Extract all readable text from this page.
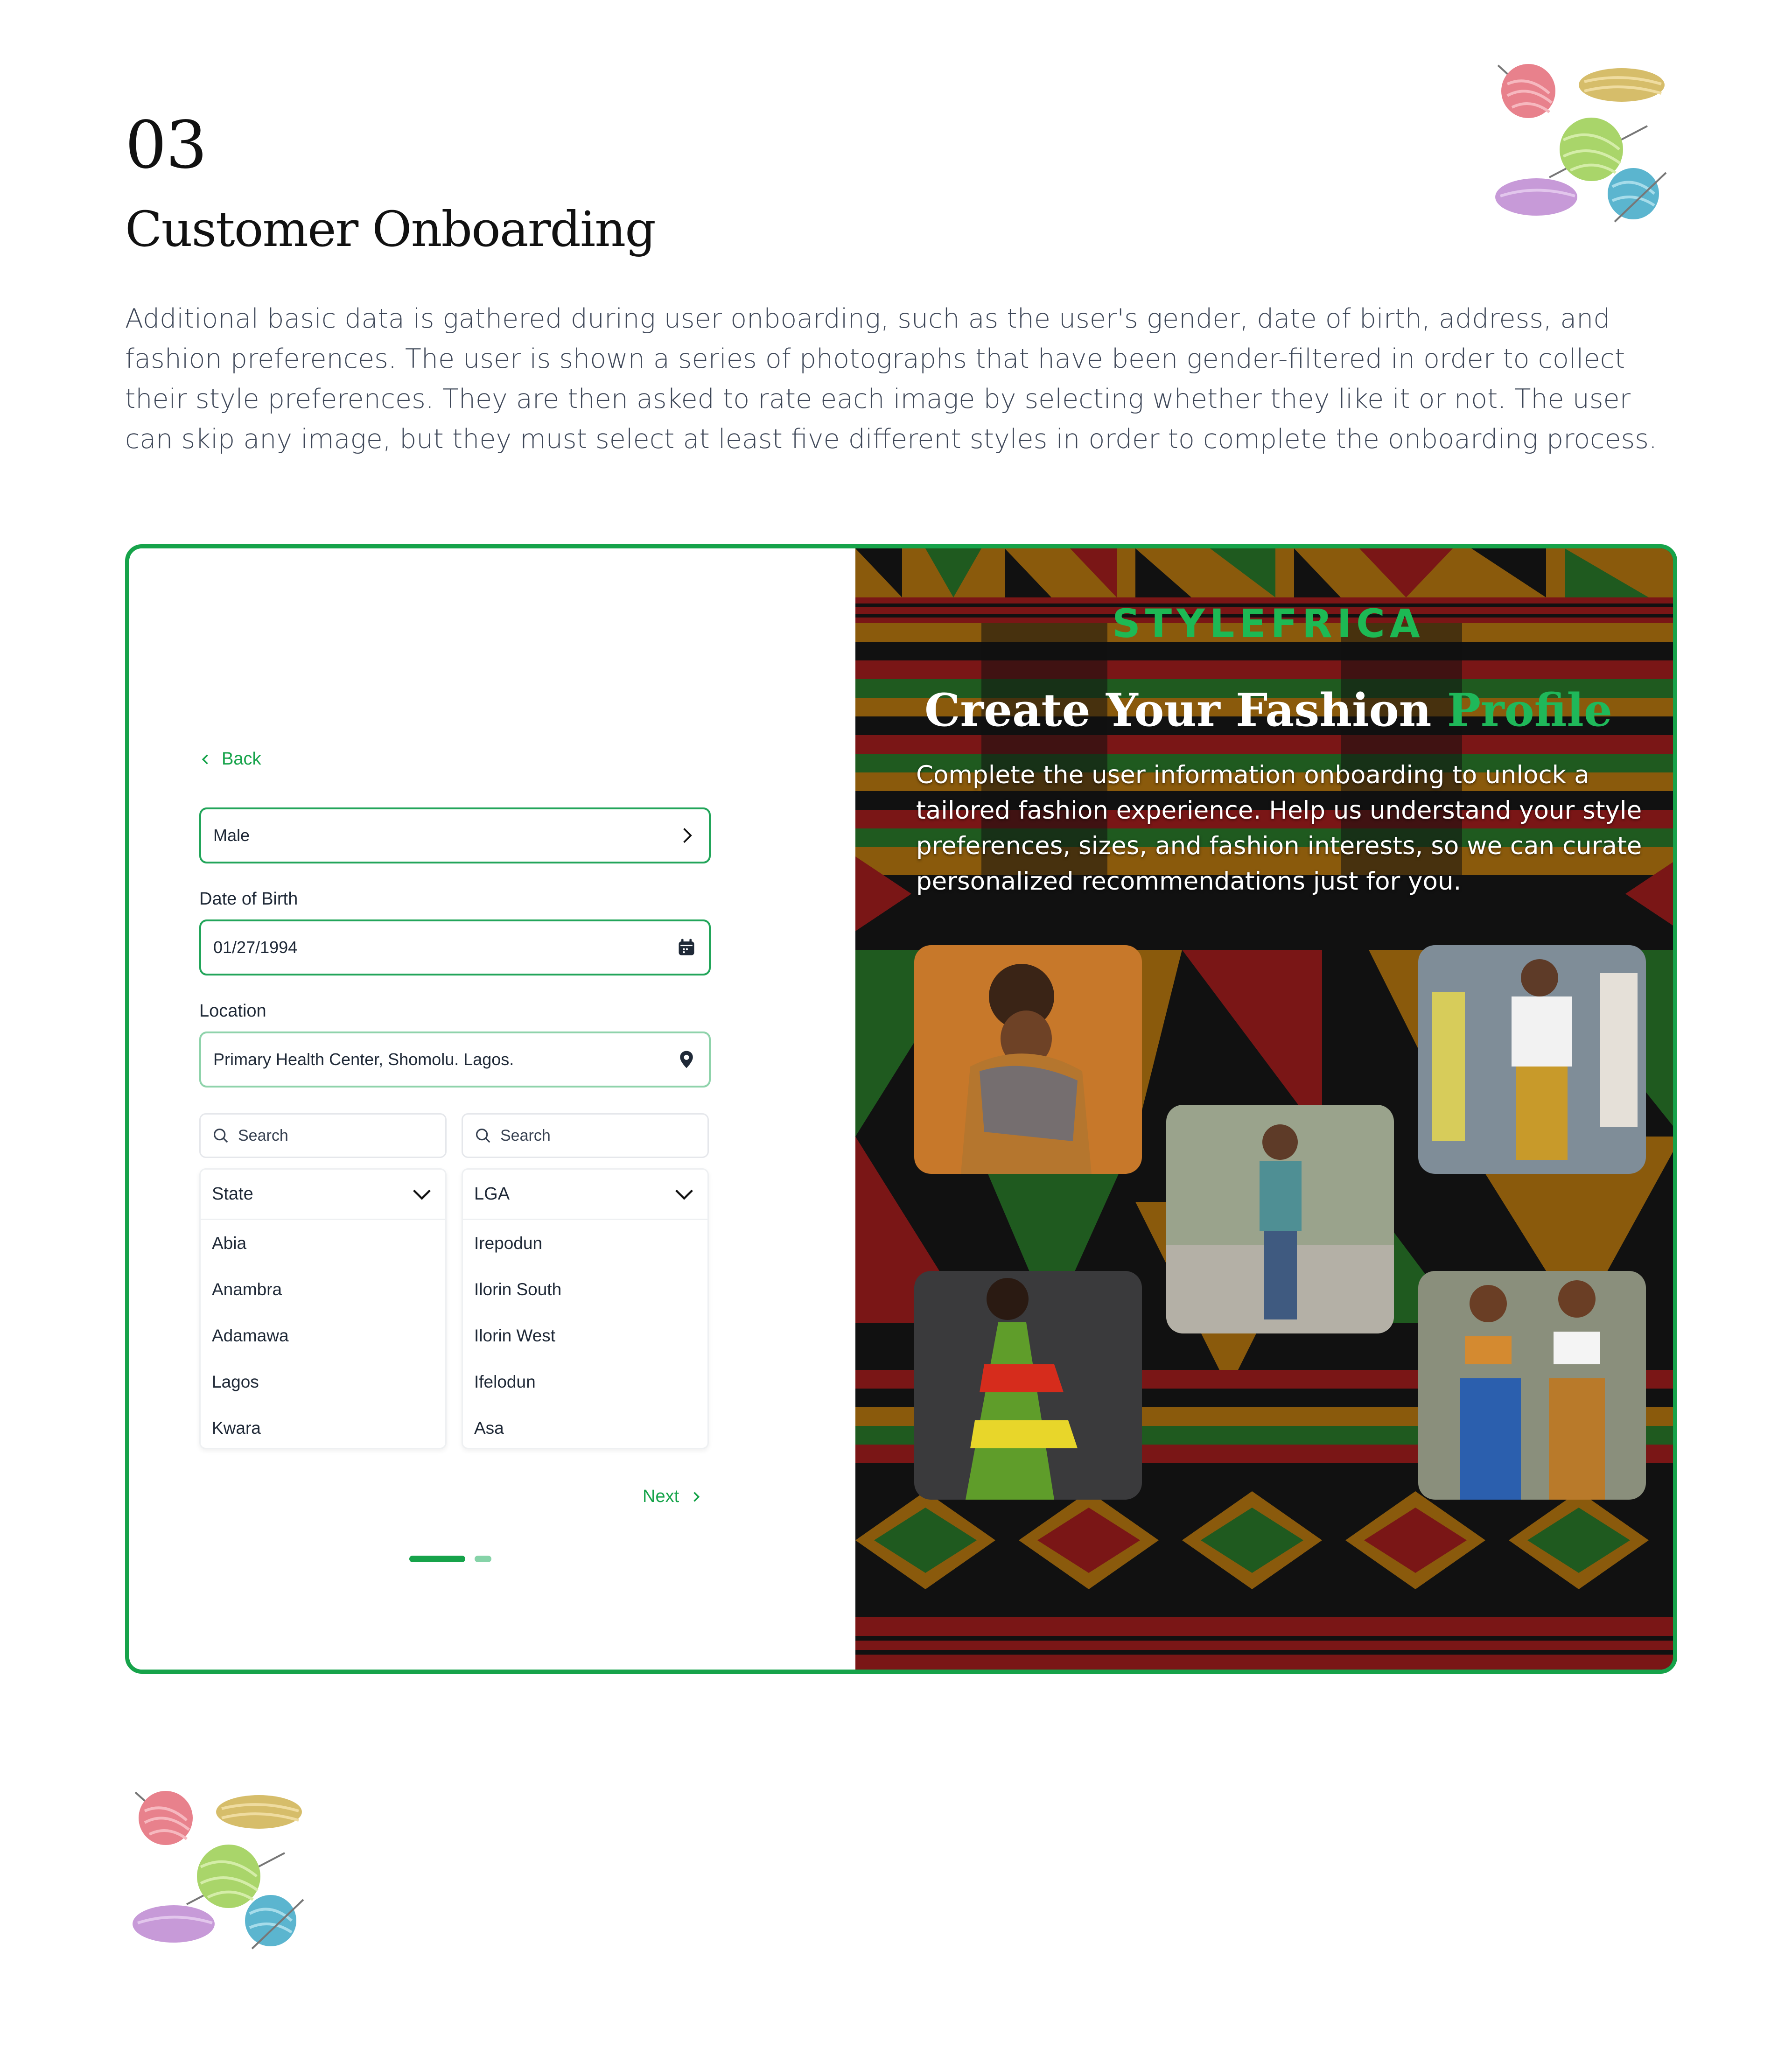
03
Customer Onboarding

Additional basic data is gathered during user onboarding, such as the user's gender, date of birth, address, and fashion preferences. The user is shown a series of photographs that have been gender-filtered in order to collect their style preferences. They are then asked to rate each image by selecting whether they like it or not. The user can skip any image, but they must select at least five different styles in order to complete the onboarding process.

Back
Male
Date of Birth
01/27/1994
Location
Primary Health Center, Shomolu. Lagos.
Search
State
Abia
Anambra
Adamawa
Lagos
Kwara
Search
LGA
Irepodun
Ilorin South
Ilorin West
Ifelodun
Asa
Next
STYLEFRICA
Create Your Fashion Profile

Complete the user information onboarding to unlock a tailored fashion experience. Help us understand your style preferences, sizes, and fashion interests, so we can curate personalized recommendations just for you.
